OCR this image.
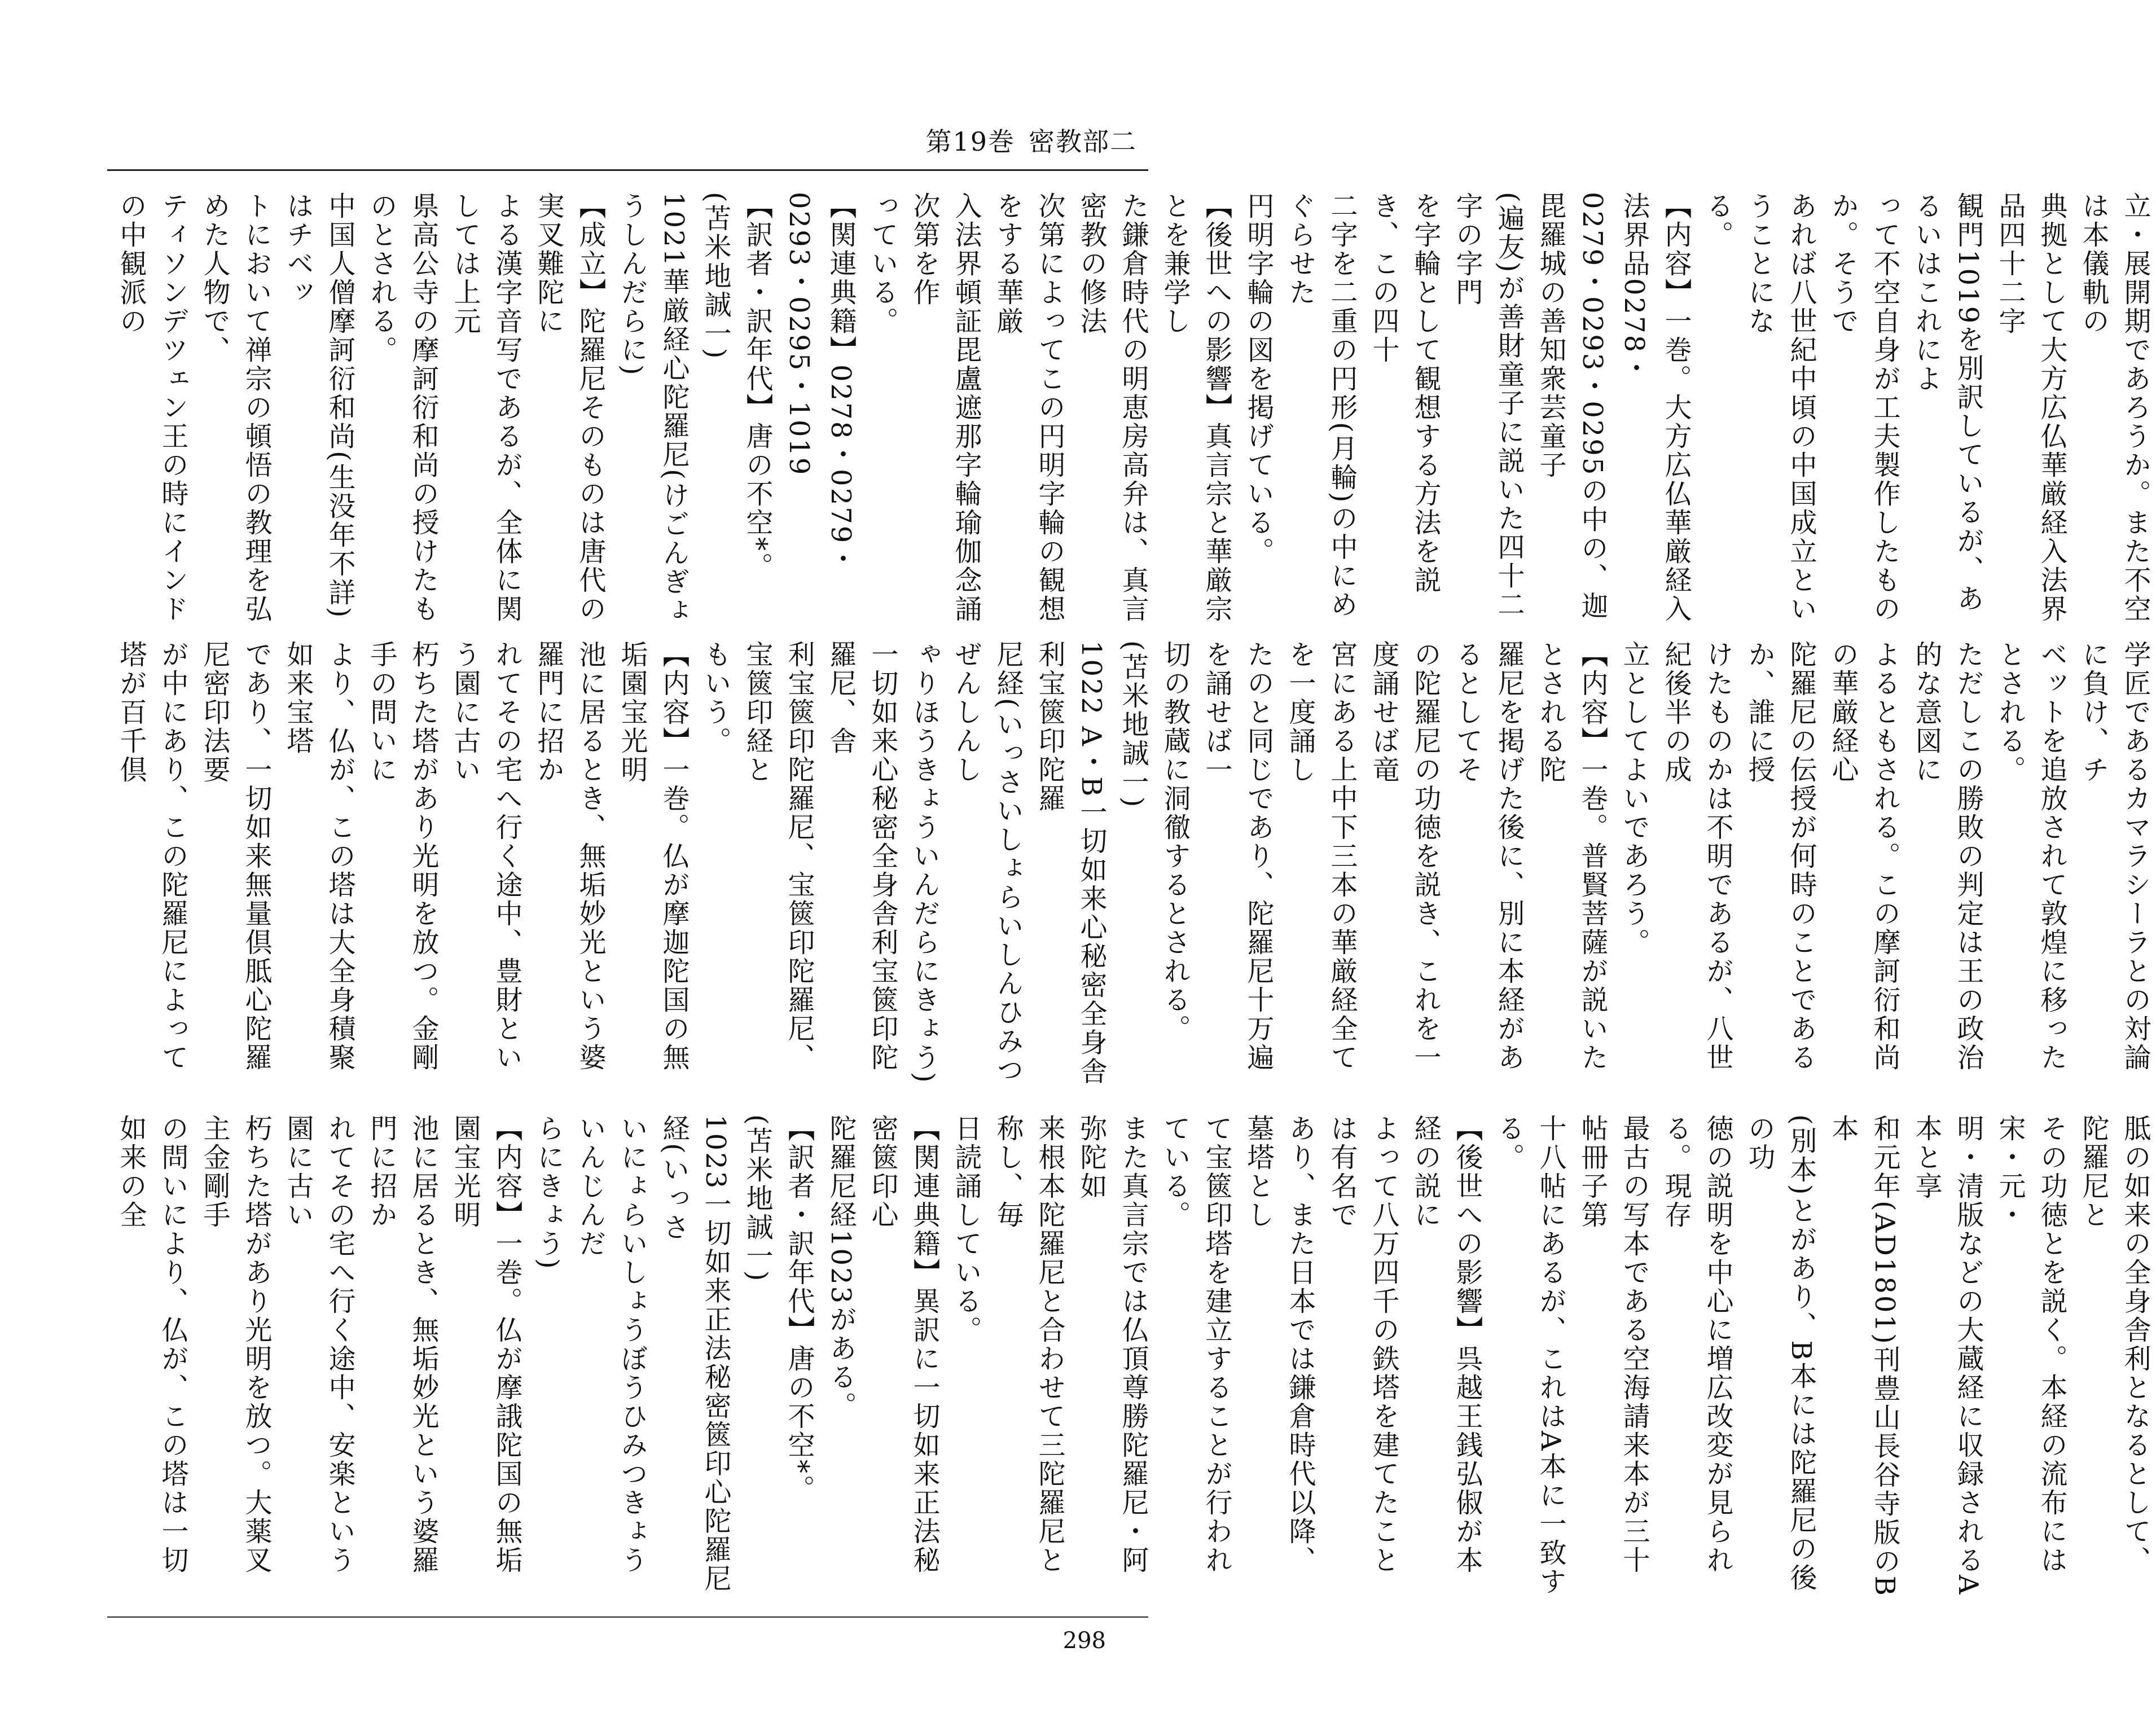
第19巻 密教部二
立・展開期であろうか。また不空は本儀軌の
典拠として大方広仏華厳経入法界品四十二字
観門1019を別訳しているが、あるいはこれによ
って不空自身が工夫製作したものか。そうで
あれば八世紀中頃の中国成立ということにな
る。
【内容】一巻。大方広仏華厳経入法界品0278・
0279・0293・0295の中の、迦毘羅城の善知衆芸童子
(遍友)が善財童子に説いた四十二字の字門
を字輪として観想する方法を説き、この四十
二字を二重の円形(月輪)の中にめぐらせた
円明字輪の図を掲げている。
【後世への影響】真言宗と華厳宗とを兼学し
た鎌倉時代の明恵房高弁は、真言密教の修法
次第によってこの円明字輪の観想をする華厳
入法界頓証毘盧遮那字輪瑜伽念誦次第を作
っている。
【関連典籍】0278・0279・0293・0295・1019
【訳者・訳年代】唐の不空*。
(苫米地誠一)
1021華厳経心陀羅尼(けごんぎょうしんだらに)
【成立】陀羅尼そのものは唐代の実叉難陀に
よる漢字音写であるが、全体に関しては上元
県高公寺の摩訶衍和尚の授けたものとされる。
中国人僧摩訶衍和尚(生没年不詳)はチベッ
トにおいて禅宗の頓悟の教理を弘めた人物で、
ティソンデツェン王の時にインドの中観派の
学匠であるカマラシーラとの対論に負け、チ
ベットを追放されて敦煌に移ったとされる。
ただしこの勝敗の判定は王の政治的な意図に
よるともされる。この摩訶衍和尚の華厳経心
陀羅尼の伝授が何時のことであるか、誰に授
けたものかは不明であるが、八世紀後半の成
立としてよいであろう。
【内容】一巻。普賢菩薩が説いたとされる陀
羅尼を掲げた後に、別に本経があるとしてそ
の陀羅尼の功徳を説き、これを一度誦せば竜
宮にある上中下三本の華厳経全てを一度誦し
たのと同じであり、陀羅尼十万遍を誦せば一
切の教蔵に洞徹するとされる。
(苫米地誠一)
1022 A・B一切如来心秘密全身舎利宝篋印陀羅
尼経(いっさいしょらいしんひみつぜんしんし
ゃりほうきょういんだらにきょう)
一切如来心秘密全身舎利宝篋印陀羅尼、舎
利宝篋印陀羅尼、宝篋印陀羅尼、宝篋印経と
もいう。
【内容】一巻。仏が摩迦陀国の無垢園宝光明
池に居るとき、無垢妙光という婆羅門に招か
れてその宅へ行く途中、豊財という園に古い
朽ちた塔があり光明を放つ。金剛手の問いに
より、仏が、この塔は大全身積聚如来宝塔
であり、一切如来無量倶胝心陀羅尼密印法要
が中にあり、この陀羅尼によって塔が百千倶
胝の如来の全身舎利となるとして、陀羅尼と
その功徳とを説く。本経の流布には宋・元・
明・清版などの大蔵経に収録されるA本と享
和元年(AD1801)刊豊山長谷寺版のB本
(別本)とがあり、B本には陀羅尼の後の功
徳の説明を中心に増広改変が見られる。現存
最古の写本である空海請来本が三十帖冊子第
十八帖にあるが、これはA本に一致する。
【後世への影響】呉越王銭弘俶が本経の説に
よって八万四千の鉄塔を建てたことは有名で
あり、また日本では鎌倉時代以降、墓塔とし
て宝篋印塔を建立することが行われている。
また真言宗では仏頂尊勝陀羅尼・阿弥陀如
来根本陀羅尼と合わせて三陀羅尼と称し、毎
日読誦している。
【関連典籍】異訳に一切如来正法秘密篋印心
陀羅尼経1023がある。
【訳者・訳年代】唐の不空*。
(苫米地誠一)
1023一切如来正法秘密篋印心陀羅尼経(いっさ
いにょらいしょうぼうひみつきょういんじんだ
らにきょう)
【内容】一巻。仏が摩誐陀国の無垢園宝光明
池に居るとき、無垢妙光という婆羅門に招か
れてその宅へ行く途中、安楽という園に古い
朽ちた塔があり光明を放つ。大薬叉主金剛手
の問いにより、仏が、この塔は一切如来の全
298
